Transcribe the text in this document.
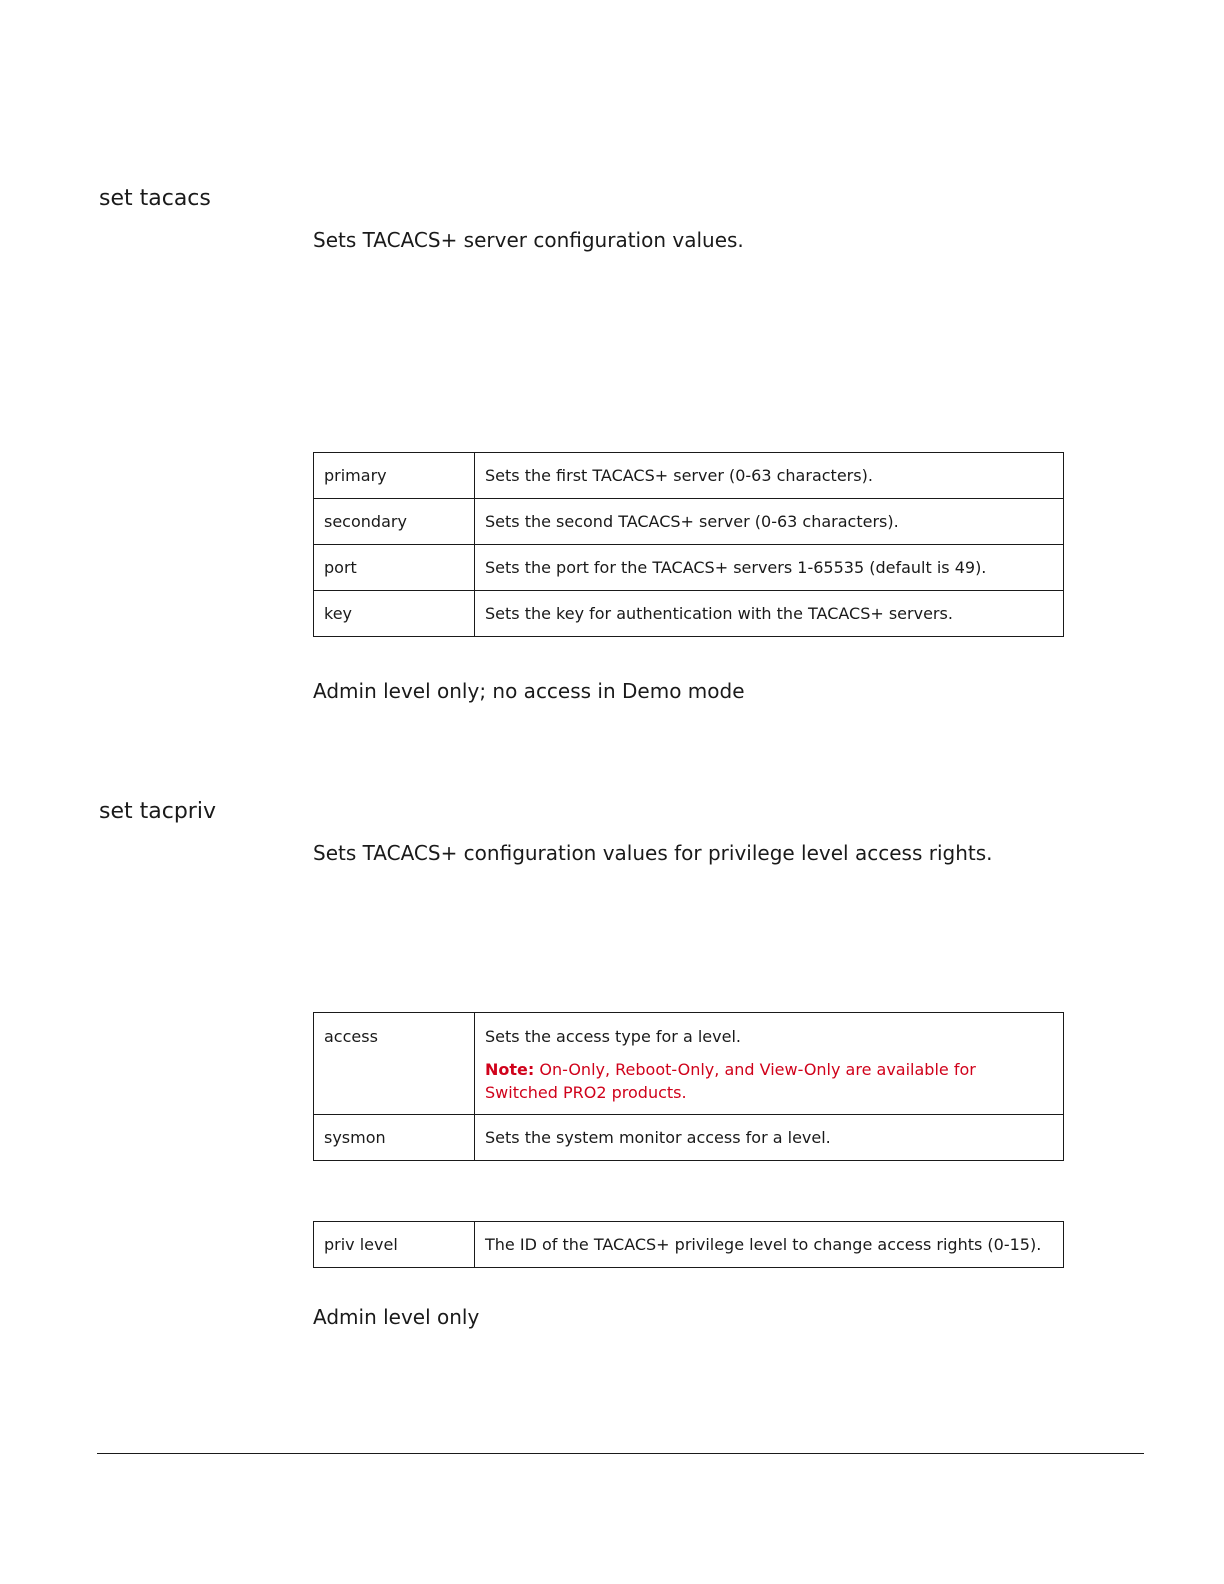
set tacacs

Sets TACACS+ server configuration values.

primary	Sets the first TACACS+ server (0-63 characters).
secondary	Sets the second TACACS+ server (0-63 characters).
port	Sets the port for the TACACS+ servers 1-65535 (default is 49).
key	Sets the key for authentication with the TACACS+ servers.

Admin level only; no access in Demo mode

set tacpriv

Sets TACACS+ configuration values for privilege level access rights.

access	Sets the access type for a level.
Note: On-Only, Reboot-Only, and View-Only are available for Switched PRO2 products.

sysmon	Sets the system monitor access for a level.
priv level	The ID of the TACACS+ privilege level to change access rights (0-15).

Admin level only
